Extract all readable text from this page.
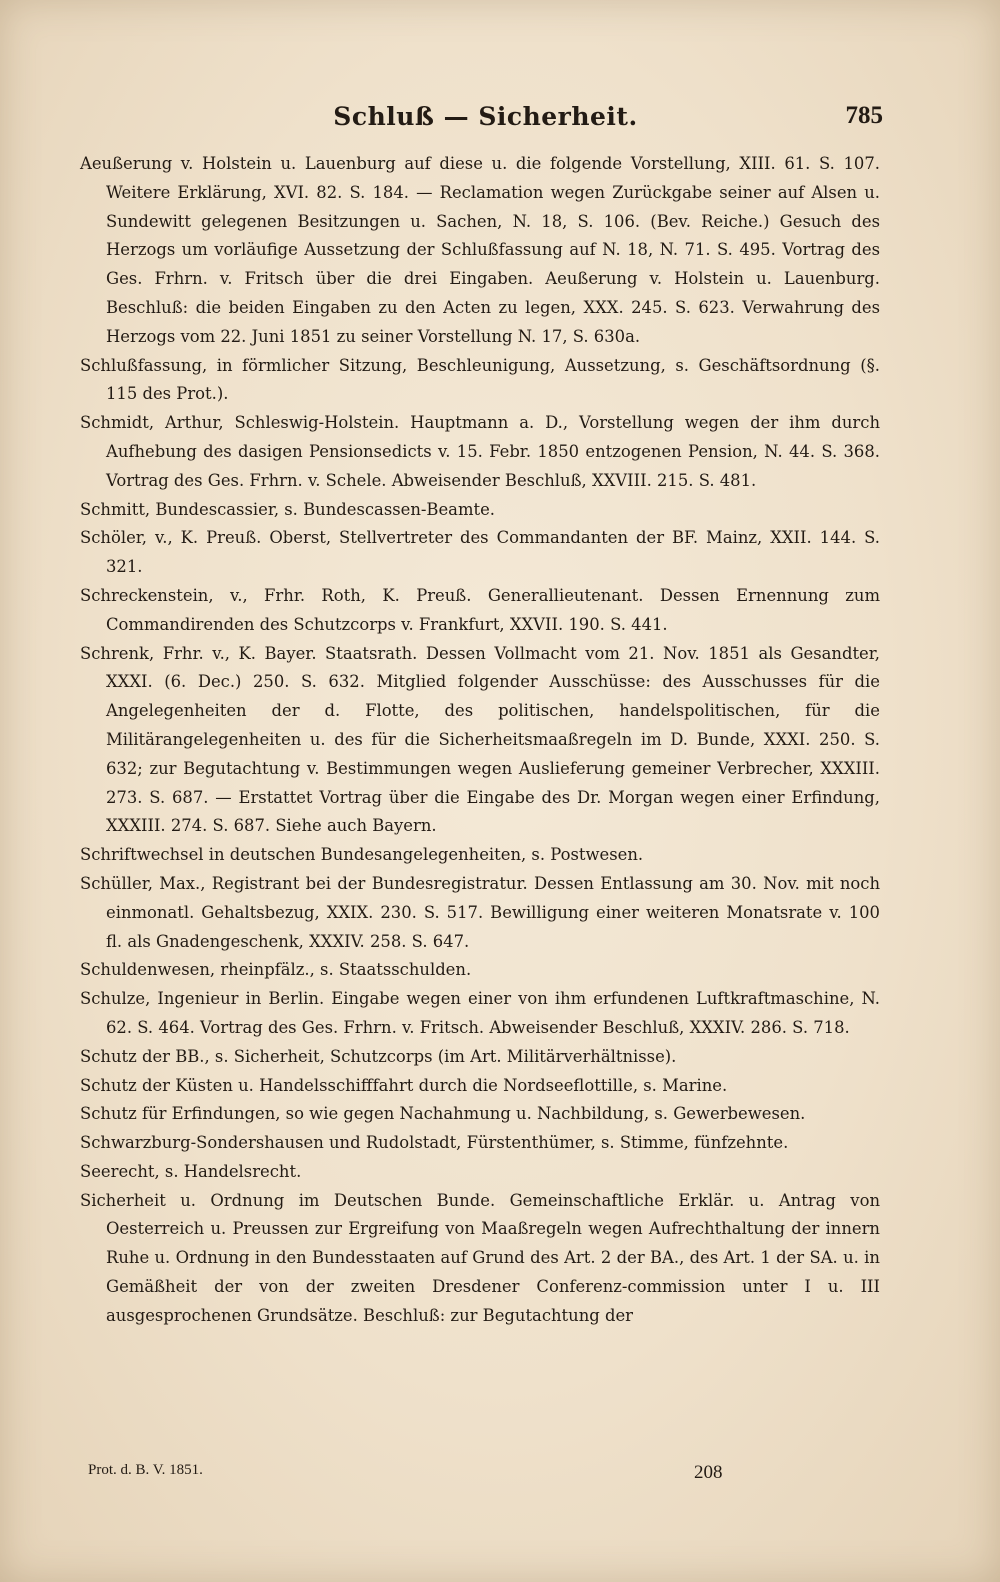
Schluß — Sicherheit.	785

Aeußerung v. Holstein u. Lauenburg auf diese u. die folgende Vorstellung, XIII. 61. S. 107. Weitere Erklärung, XVI. 82. S. 184. — Reclamation wegen Zurückgabe seiner auf Alsen u. Sundewitt gelegenen Besitzungen u. Sachen, N. 18, S. 106. (Bev. Reiche.) Gesuch des Herzogs um vorläufige Aussetzung der Schlußfassung auf N. 18, N. 71. S. 495. Vortrag des Ges. Frhrn. v. Fritsch über die drei Eingaben. Aeußerung v. Holstein u. Lauenburg. Beschluß: die beiden Eingaben zu den Acten zu legen, XXX. 245. S. 623. Verwahrung des Herzogs vom 22. Juni 1851 zu seiner Vorstellung N. 17, S. 630a.

Schlußfassung, in förmlicher Sitzung, Beschleunigung, Aussetzung, s. Geschäftsordnung (§. 115 des Prot.).

Schmidt, Arthur, Schleswig-Holstein. Hauptmann a. D., Vorstellung wegen der ihm durch Aufhebung des dasigen Pensionsedicts v. 15. Febr. 1850 entzogenen Pension, N. 44. S. 368. Vortrag des Ges. Frhrn. v. Schele. Abweisender Beschluß, XXVIII. 215. S. 481.

Schmitt, Bundescassier, s. Bundescassen-Beamte.

Schöler, v., K. Preuß. Oberst, Stellvertreter des Commandanten der BF. Mainz, XXII. 144. S. 321.

Schreckenstein, v., Frhr. Roth, K. Preuß. Generallieutenant. Dessen Ernennung zum Commandirenden des Schutzcorps v. Frankfurt, XXVII. 190. S. 441.

Schrenk, Frhr. v., K. Bayer. Staatsrath. Dessen Vollmacht vom 21. Nov. 1851 als Gesandter, XXXI. (6. Dec.) 250. S. 632. Mitglied folgender Ausschüsse: des Ausschusses für die Angelegenheiten der d. Flotte, des politischen, handelspolitischen, für die Militärangelegenheiten u. des für die Sicherheitsmaaßregeln im D. Bunde, XXXI. 250. S. 632; zur Begutachtung v. Bestimmungen wegen Auslieferung gemeiner Verbrecher, XXXIII. 273. S. 687. — Erstattet Vortrag über die Eingabe des Dr. Morgan wegen einer Erfindung, XXXIII. 274. S. 687. Siehe auch Bayern.

Schriftwechsel in deutschen Bundesangelegenheiten, s. Postwesen.

Schüller, Max., Registrant bei der Bundesregistratur. Dessen Entlassung am 30. Nov. mit noch einmonatl. Gehaltsbezug, XXIX. 230. S. 517. Bewilligung einer weiteren Monatsrate v. 100 fl. als Gnadengeschenk, XXXIV. 258. S. 647.

Schuldenwesen, rheinpfälz., s. Staatsschulden.

Schulze, Ingenieur in Berlin. Eingabe wegen einer von ihm erfundenen Luftkraftmaschine, N. 62. S. 464. Vortrag des Ges. Frhrn. v. Fritsch. Abweisender Beschluß, XXXIV. 286. S. 718.

Schutz der BB., s. Sicherheit, Schutzcorps (im Art. Militärverhältnisse).

Schutz der Küsten u. Handelsschifffahrt durch die Nordseeflottille, s. Marine.

Schutz für Erfindungen, so wie gegen Nachahmung u. Nachbildung, s. Gewerbewesen.

Schwarzburg-Sondershausen und Rudolstadt, Fürstenthümer, s. Stimme, fünfzehnte.

Seerecht, s. Handelsrecht.

Sicherheit u. Ordnung im Deutschen Bunde. Gemeinschaftliche Erklär. u. Antrag von Oesterreich u. Preussen zur Ergreifung von Maaßregeln wegen Aufrechthaltung der innern Ruhe u. Ordnung in den Bundesstaaten auf Grund des Art. 2 der BA., des Art. 1 der SA. u. in Gemäßheit der von der zweiten Dresdener Conferenz-commission unter I u. III ausgesprochenen Grundsätze. Beschluß: zur Begutachtung der

Prot. d. B. V. 1851.	208
